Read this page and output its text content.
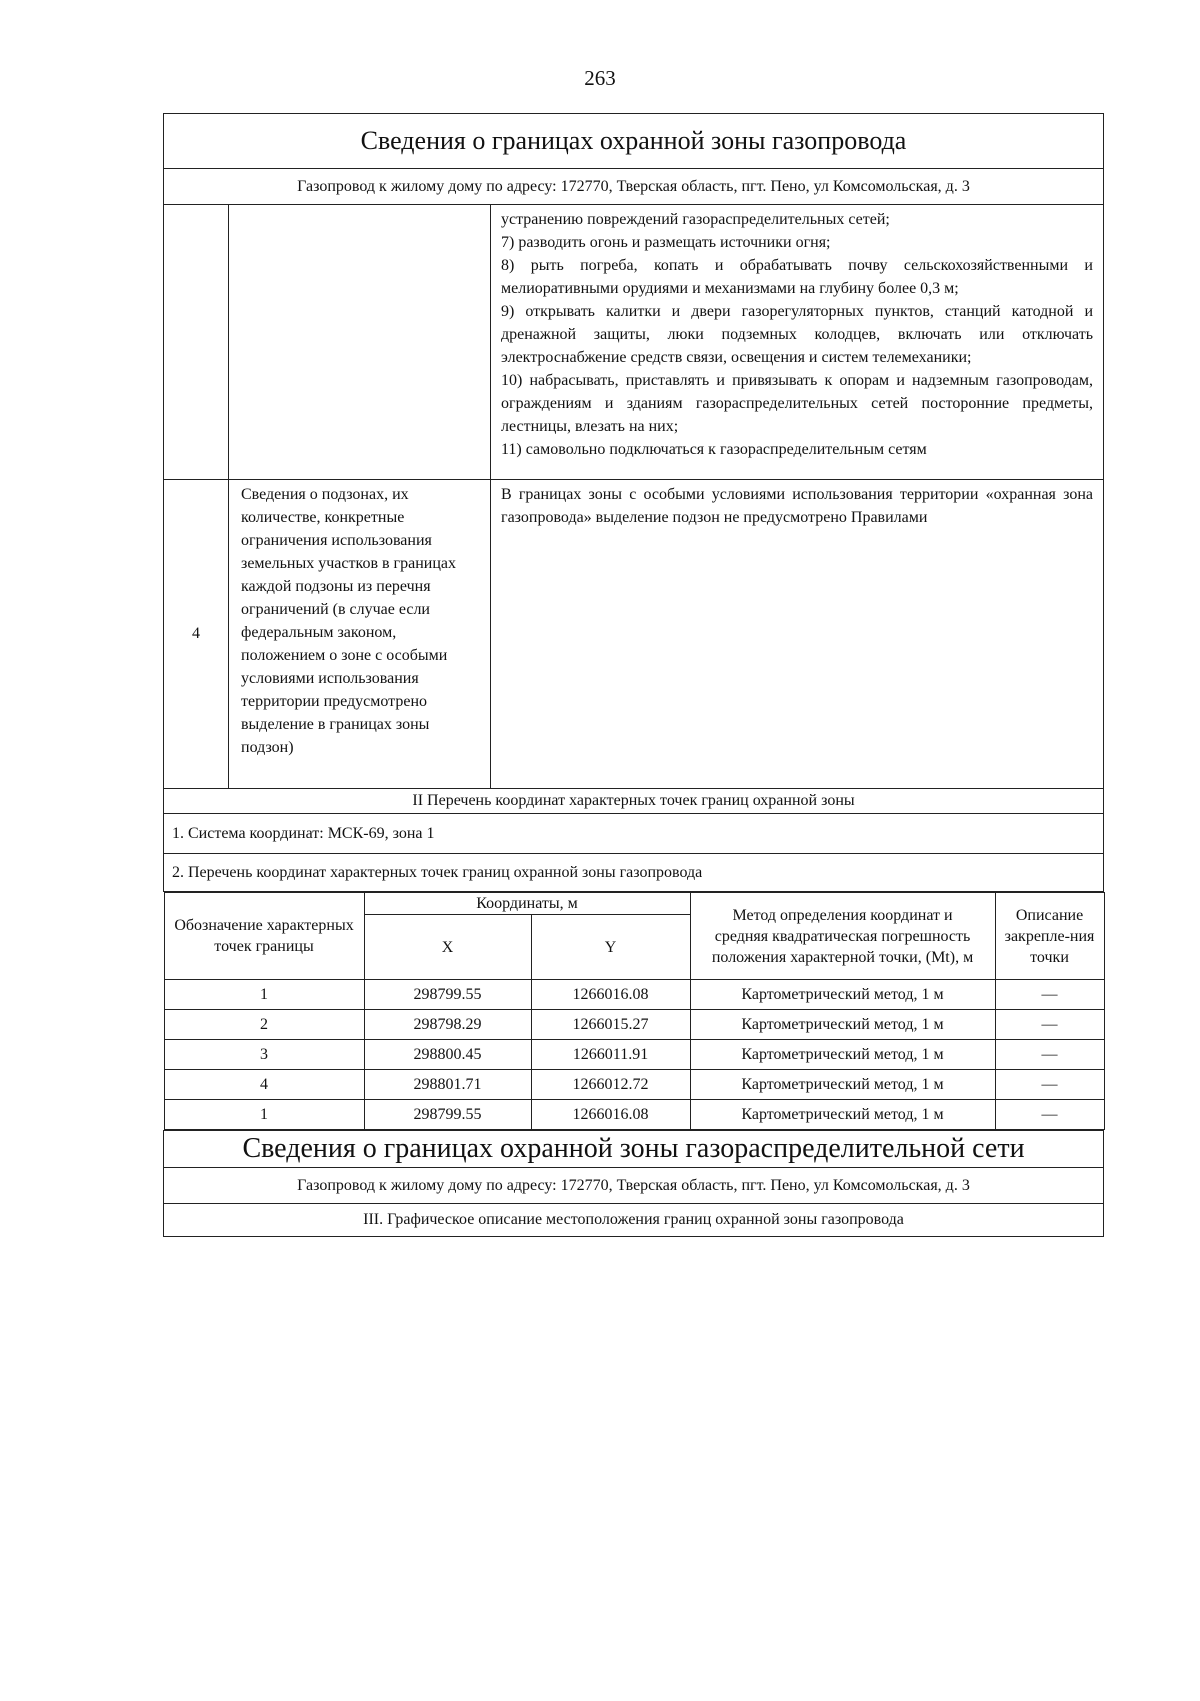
263
Сведения о границах охранной зоны газопровода
Газопровод к жилому дому по адресу: 172770, Тверская область, пгт. Пено, ул Комсомольская, д. 3

устранению повреждений газораспределительных сетей;
7) разводить огонь и размещать источники огня;
8) рыть погреба, копать и обрабатывать почву сельскохозяйственными и мелиоративными орудиями и механизмами на глубину более 0,3 м;
9) открывать калитки и двери газорегуляторных пунктов, станций катодной и дренажной защиты, люки подземных колодцев, включать или отключать электроснабжение средств связи, освещения и систем телемеханики;
10) набрасывать, приставлять и привязывать к опорам и надземным газопроводам, ограждениям и зданиям газораспределительных сетей посторонние предметы, лестницы, влезать на них;
11) самовольно подключаться к газораспределительным сетям

4	Сведения о подзонах, их количестве, конкретные ограничения использования земельных участков в границах каждой подзоны из перечня ограничений (в случае если федеральным законом, положением о зоне с особыми условиями использования территории предусмотрено выделение в границах зоны подзон)	В границах зоны с особыми условиями использования территории «охранная зона газопровода» выделение подзон не предусмотрено Правилами
II Перечень координат характерных точек границ охранной зоны
1. Система координат: МСК-69, зона 1
2. Перечень координат характерных точек границ охранной зоны газопровода

Обозначение характерных точек границы	Координаты, м	Метод определения координат и средняя квадратическая погрешность положения характерной точки, (Mt), м	Описание закрепле-ния точки
X	Y
1	298799.55	1266016.08	Картометрический метод, 1 м	—
2	298798.29	1266015.27	Картометрический метод, 1 м	—
3	298800.45	1266011.91	Картометрический метод, 1 м	—
4	298801.71	1266012.72	Картометрический метод, 1 м	—
1	298799.55	1266016.08	Картометрический метод, 1 м	—

Сведения о границах охранной зоны газораспределительной сети
Газопровод к жилому дому по адресу: 172770, Тверская область, пгт. Пено, ул Комсомольская, д. 3
III. Графическое описание местоположения границ охранной зоны газопровода
